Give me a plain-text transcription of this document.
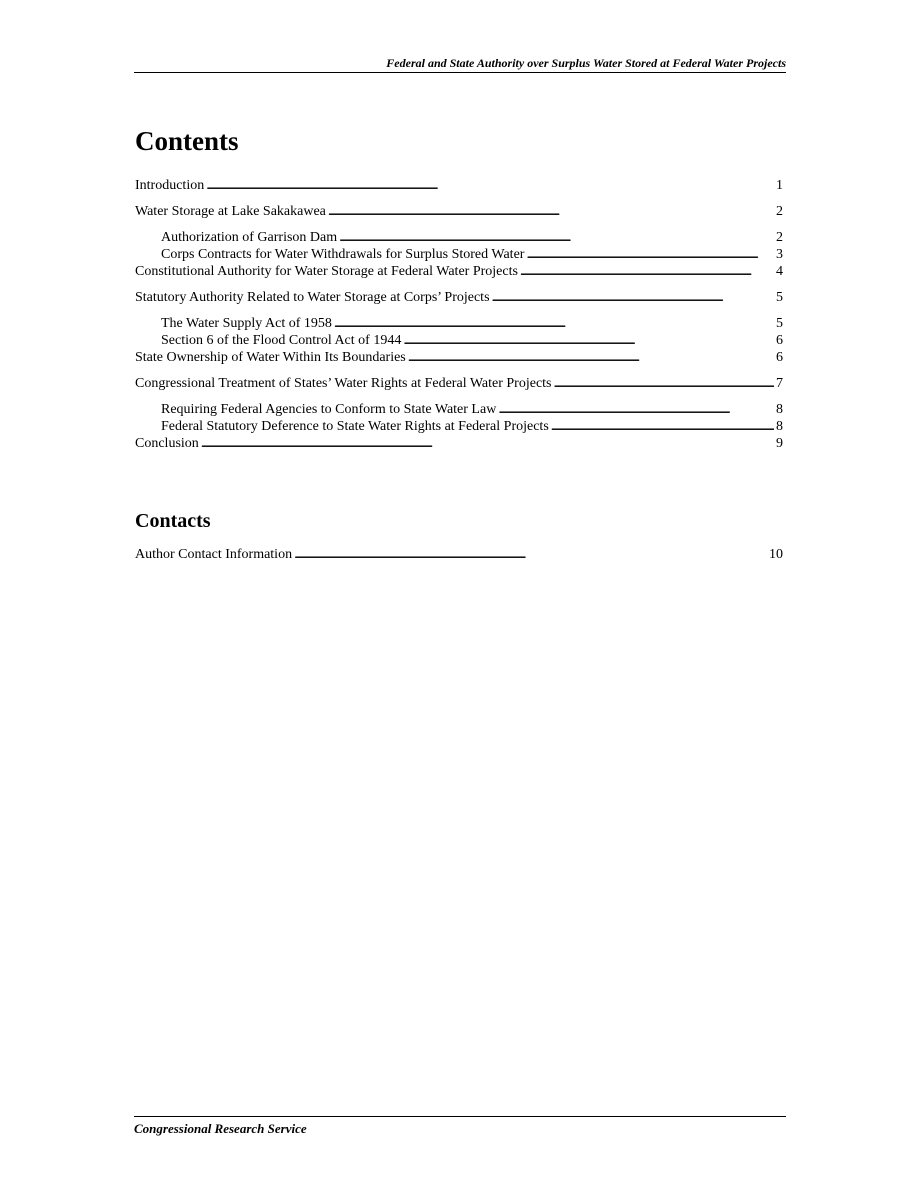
Federal and State Authority over Surplus Water Stored at Federal Water Projects
Contents
Introduction . . .	1
Water Storage at Lake Sakakawea . . .	2
Authorization of Garrison Dam . . .	2
Corps Contracts for Water Withdrawals for Surplus Stored Water . . .	3
Constitutional Authority for Water Storage at Federal Water Projects . . .	4
Statutory Authority Related to Water Storage at Corps’ Projects . . .	5
The Water Supply Act of 1958 . . .	5
Section 6 of the Flood Control Act of 1944 . . .	6
State Ownership of Water Within Its Boundaries . . .	6
Congressional Treatment of States’ Water Rights at Federal Water Projects . . .	7
Requiring Federal Agencies to Conform to State Water Law . . .	8
Federal Statutory Deference to State Water Rights at Federal Projects . . .	8
Conclusion . . .	9
Contacts
Author Contact Information . . .	10
Congressional Research Service
